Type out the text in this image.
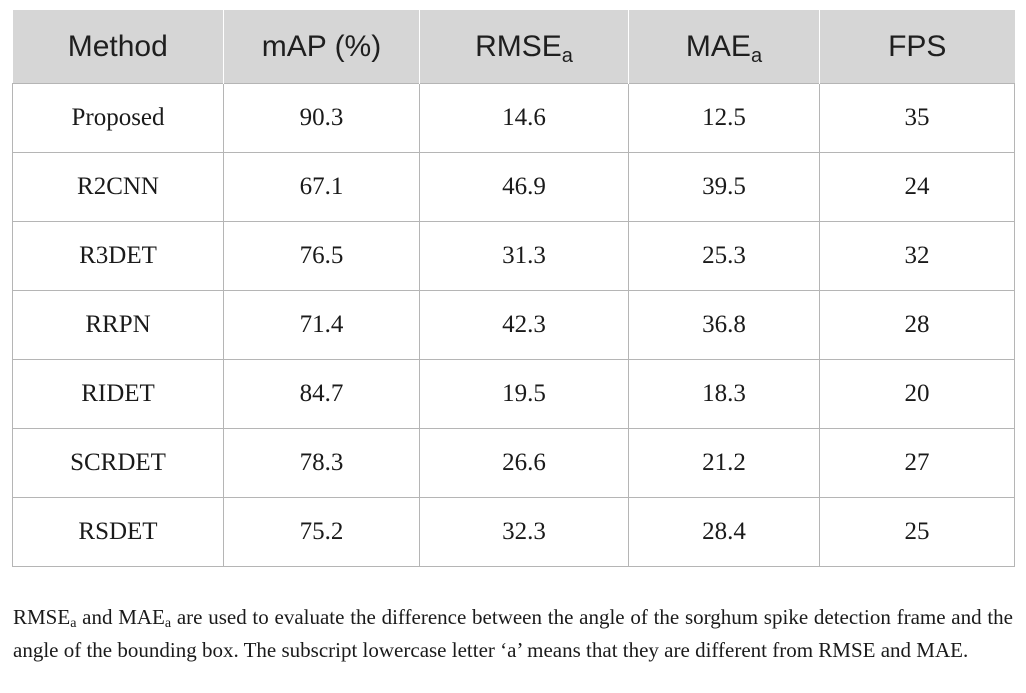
Method	mAP (%)	$RMSE_a$	$MAE_a$	FPS
Proposed	90.3	14.6	12.5	35
R2CNN	67.1	46.9	39.5	24
R3DET	76.5	31.3	25.3	32
RRPN	71.4	42.3	36.8	28
RIDET	84.7	19.5	18.3	20
SCRDET	78.3	26.6	21.2	27
RSDET	75.2	32.3	28.4	25

$RMSE_a$ and $MAE_a$ are used to evaluate the difference between the angle of the sorghum spike detection frame and the angle of the bounding box. The subscript lowercase letter ‘a’ means that they are different from RMSE and MAE.
